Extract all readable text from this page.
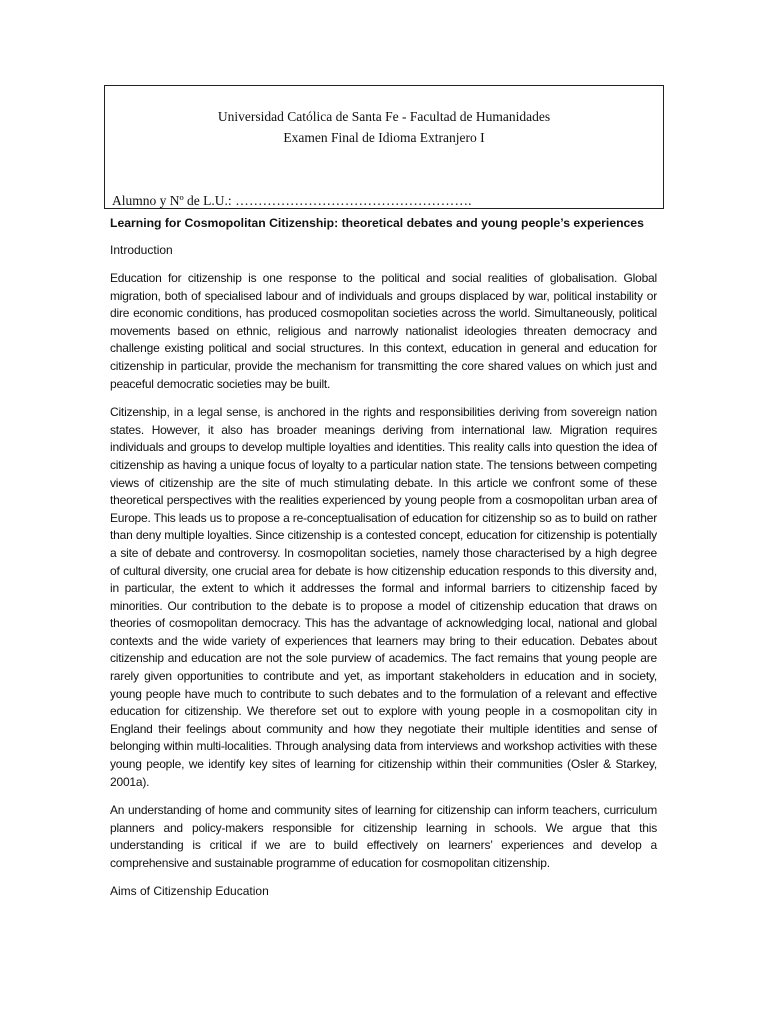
Universidad Católica de Santa Fe - Facultad de Humanidades
Examen Final de Idioma Extranjero I
Alumno y Nº de L.U.: …………………………………………….
Learning for Cosmopolitan Citizenship: theoretical debates and young people’s experiences
Introduction

Education for citizenship is one response to the political and social realities of globalisation. Global migration, both of specialised labour and of individuals and groups displaced by war, political instability or dire economic conditions, has produced cosmopolitan societies across the world. Simultaneously, political movements based on ethnic, religious and narrowly nationalist ideologies threaten democracy and challenge existing political and social structures. In this context, education in general and education for citizenship in particular, provide the mechanism for transmitting the core shared values on which just and peaceful democratic societies may be built.

Citizenship, in a legal sense, is anchored in the rights and responsibilities deriving from sovereign nation states. However, it also has broader meanings deriving from international law. Migration requires individuals and groups to develop multiple loyalties and identities. This reality calls into question the idea of citizenship as having a unique focus of loyalty to a particular nation state. The tensions between competing views of citizenship are the site of much stimulating debate. In this article we confront some of these theoretical perspectives with the realities experienced by young people from a cosmopolitan urban area of Europe. This leads us to propose a re-conceptualisation of education for citizenship so as to build on rather than deny multiple loyalties. Since citizenship is a contested concept, education for citizenship is potentially a site of debate and controversy. In cosmopolitan societies, namely those characterised by a high degree of cultural diversity, one crucial area for debate is how citizenship education responds to this diversity and, in particular, the extent to which it addresses the formal and informal barriers to citizenship faced by minorities. Our contribution to the debate is to propose a model of citizenship education that draws on theories of cosmopolitan democracy. This has the advantage of acknowledging local, national and global contexts and the wide variety of experiences that learners may bring to their education. Debates about citizenship and education are not the sole purview of academics. The fact remains that young people are rarely given opportunities to contribute and yet, as important stakeholders in education and in society, young people have much to contribute to such debates and to the formulation of a relevant and effective education for citizenship. We therefore set out to explore with young people in a cosmopolitan city in England their feelings about community and how they negotiate their multiple identities and sense of belonging within multi-localities. Through analysing data from interviews and workshop activities with these young people, we identify key sites of learning for citizenship within their communities (Osler & Starkey, 2001a).

An understanding of home and community sites of learning for citizenship can inform teachers, curriculum planners and policy-makers responsible for citizenship learning in schools. We argue that this understanding is critical if we are to build effectively on learners’ experiences and develop a comprehensive and sustainable programme of education for cosmopolitan citizenship.

Aims of Citizenship Education
